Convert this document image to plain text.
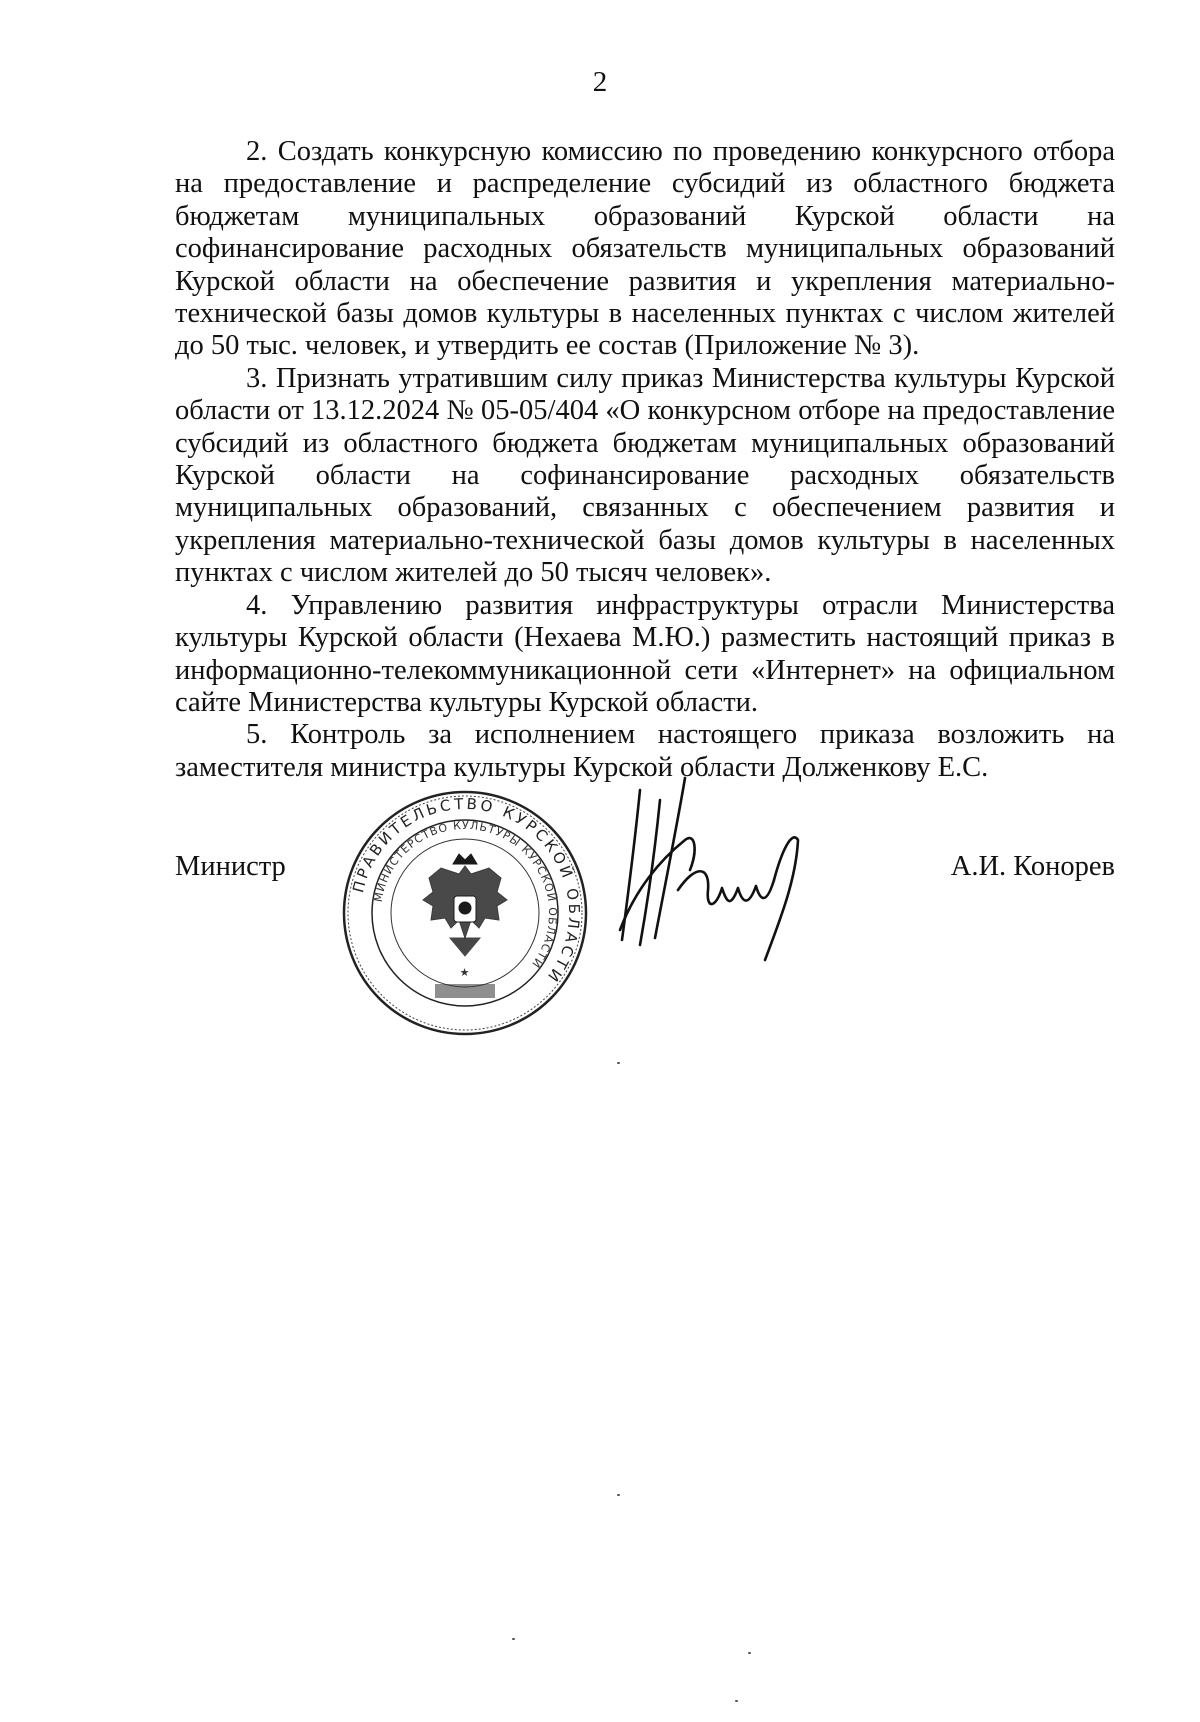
2

2. Создать конкурсную комиссию по проведению конкурсного отбора на предоставление и распределение субсидий из областного бюджета бюджетам муниципальных образований Курской области на софинансирование расходных обязательств муниципальных образований Курской области на обеспечение развития и укрепления материально-технической базы домов культуры в населенных пунктах с числом жителей до 50 тыс. человек, и утвердить ее состав (Приложение № 3).

3. Признать утратившим силу приказ Министерства культуры Курской области от 13.12.2024 № 05-05/404 «О конкурсном отборе на предоставление субсидий из областного бюджета бюджетам муниципальных образований Курской области на софинансирование расходных обязательств муниципальных образований, связанных с обеспечением развития и укрепления материально-технической базы домов культуры в населенных пунктах с числом жителей до 50 тысяч человек».

4. Управлению развития инфраструктуры отрасли Министерства культуры Курской области (Нехаева М.Ю.) разместить настоящий приказ в информационно-телекоммуникационной сети «Интернет» на официальном сайте Министерства культуры Курской области.

5. Контроль за исполнением настоящего приказа возложить на заместителя министра культуры Курской области Долженкову Е.С.

Министр
ПРАВИТЕЛЬСТВО КУРСКОЙ ОБЛАСТИ
МИНИСТЕРСТВО КУЛЬТУРЫ КУРСКОЙ ОБЛАСТИ
★
А.И. Конорев
